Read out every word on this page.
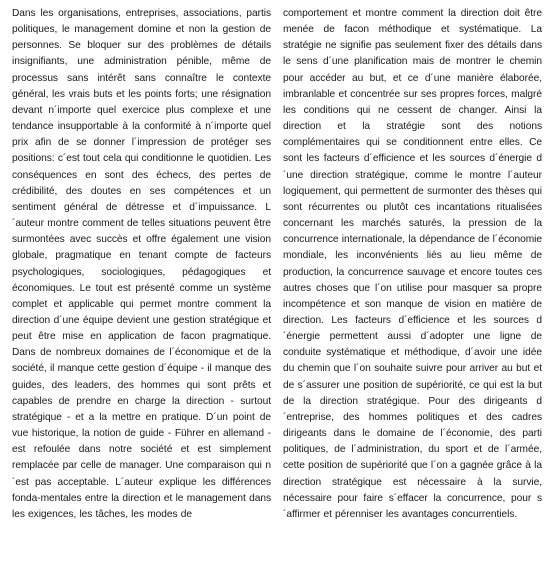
Dans les organisations, entreprises, associations, partis politiques, le management domine et non la gestion de personnes. Se bloquer sur des problèmes de détails insignifiants, une administration pénible, même de processus sans intérêt sans connaître le contexte général, les vrais buts et les points forts; une résignation devant n´importe quel exercice plus complexe et une tendance insupportable à la conformité à n´importe quel prix afin de se donner l´impression de protéger ses positions: c´est tout cela qui conditionne le quotidien. Les conséquences en sont des échecs, des pertes de crédibilité, des doutes en ses compétences et un sentiment général de détresse et d´impuissance. L´auteur montre comment de telles situations peuvent être surmontées avec succès et offre également une vision globale, pragmatique en tenant compte de facteurs psychologiques, sociologiques, pédagogiques et économiques. Le tout est présenté comme un système complet et applicable qui permet montre comment la direction d´une équipe devient une gestion stratégique et peut être mise en application de facon pragmatique. Dans de nombreux domaines de l´économique et de la société, il manque cette gestion d´équipe - il manque des guides, des leaders, des hommes qui sont prêts et capables de prendre en charge la direction - surtout stratégique - et a la mettre en pratique. D´un point de vue historique, la notion de guide - Führer en allemand - est refoulée dans notre société et est simplement remplacée par celle de manager. Une comparaison qui n´est pas acceptable. L´auteur explique les différences fonda-mentales entre la direction et le management dans les exigences, les tâches, les modes de

comportement et montre comment la direction doit être menée de facon méthodique et systématique. La stratégie ne signifie pas seulement fixer des détails dans le sens d´une planification mais de montrer le chemin pour accéder au but, et ce d´une manière élaborée, imbranlable et concentrée sur ses propres forces, malgré les conditions qui ne cessent de changer. Ainsi la direction et la stratégie sont des notions complémentaires qui se conditionnent entre elles. Ce sont les facteurs d´efficience et les sources d´énergie d´une direction stratégique, comme le montre l´auteur logiquement, qui permettent de surmonter des thèses qui sont récurrentes ou plutôt ces incantations ritualisées concernant les marchés saturés, la pression de la concurrence internationale, la dépendance de l´économie mondiale, les inconvénients liés au lieu même de production, la concurrence sauvage et encore toutes ces autres choses que l´on utilise pour masquer sa propre incompétence et son manque de vision en matière de direction. Les facteurs d´efficience et les sources d´énergie permettent aussi d´adopter une ligne de conduite systématique et méthodique, d´avoir une idée du chemin que l´on souhaite suivre pour arriver au but et de s´assurer une position de supériorité, ce qui est la but de la direction stratégique. Pour des dirigeants d´entreprise, des hommes politiques et des cadres dirigeants dans le domaine de l´économie, des parti politiques, de l´administration, du sport et de l´armée, cette position de supériorité que l´on a gagnée grâce à la direction stratégique est nécessaire à la survie, nécessaire pour faire s´effacer la concurrence, pour s´affirmer et pérenniser les avantages concurrentiels.
